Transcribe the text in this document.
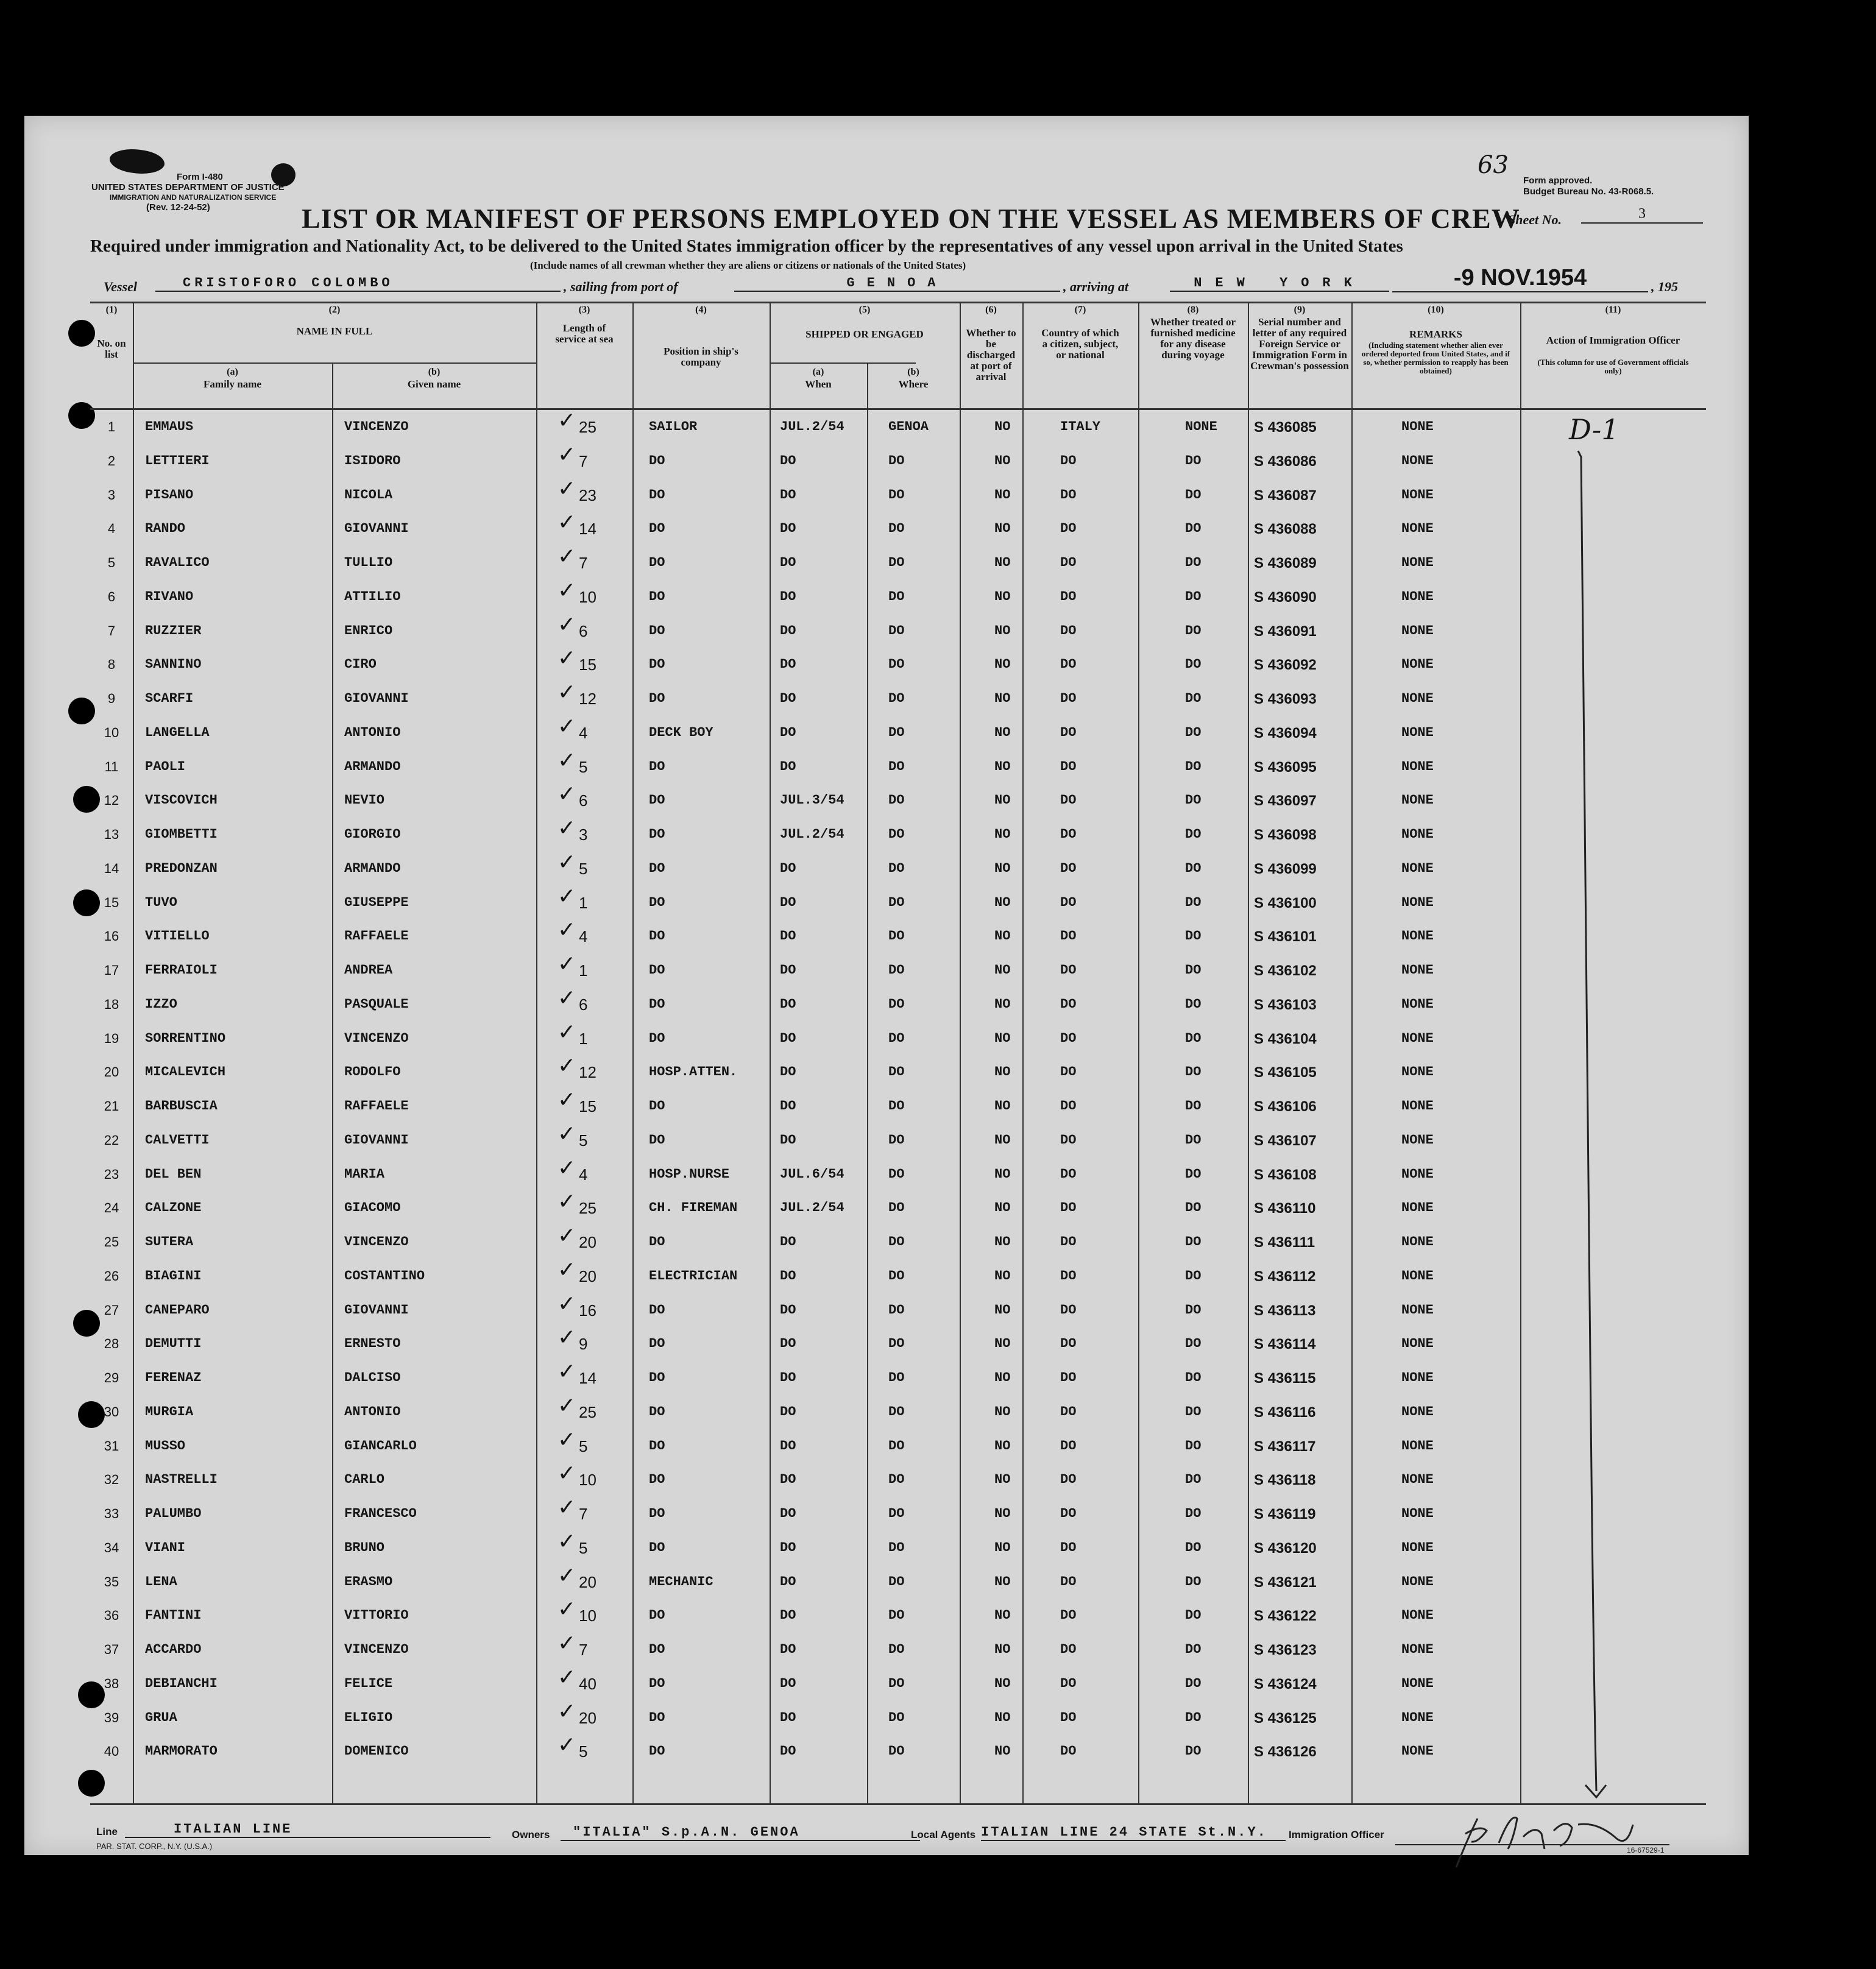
Form I-480
UNITED STATES DEPARTMENT OF JUSTICE
IMMIGRATION AND NATURALIZATION SERVICE
(Rev. 12-24-52)
63
Form approved.
Budget Bureau No. 43-R068.5.
LIST OR MANIFEST OF PERSONS EMPLOYED ON THE VESSEL AS MEMBERS OF CREW
Sheet No.	3
Required under immigration and Nationality Act, to be delivered to the United States immigration officer by the representatives of any vessel upon arrival in the United States
(Include names of all crewman whether they are aliens or citizens or nationals of the United States)
Vessel	CRISTOFORO COLOMBO	, sailing from port of	GENOA	, arriving at	NEW YORK	-9 NOV.1954	, 195
(1)
No. on list
(2)
NAME IN FULL
(a)
Family name
(b)
Given name
(3)
Length of service at sea
(4)
Position in ship's company
(5)
SHIPPED OR ENGAGED
(a)
When
(b)
Where
(6)
Whether to be discharged at port of arrival
(7)
Country of which a citizen, subject, or national
(8)
Whether treated or furnished medicine for any disease during voyage
(9)
Serial number and letter of any required Foreign Service or Immigration Form in Crewman's possession
(10)
REMARKS
(Including statement whether alien ever ordered deported from United States, and if so, whether permission to reapply has been obtained)
(11)
Action of Immigration Officer
(This column for use of Government officials only)
✓
1	EMMAUS	VINCENZO	25	SAILOR	JUL.2/54	GENOA	NO	ITALY	NONE	S 436085	NONE
✓
2	LETTIERI	ISIDORO	7	DO	DO	DO	NO	DO	DO	S 436086	NONE
✓
3	PISANO	NICOLA	23	DO	DO	DO	NO	DO	DO	S 436087	NONE
✓
4	RANDO	GIOVANNI	14	DO	DO	DO	NO	DO	DO	S 436088	NONE
✓
5	RAVALICO	TULLIO	7	DO	DO	DO	NO	DO	DO	S 436089	NONE
✓
6	RIVANO	ATTILIO	10	DO	DO	DO	NO	DO	DO	S 436090	NONE
✓
7	RUZZIER	ENRICO	6	DO	DO	DO	NO	DO	DO	S 436091	NONE
✓
8	SANNINO	CIRO	15	DO	DO	DO	NO	DO	DO	S 436092	NONE
✓
9	SCARFI	GIOVANNI	12	DO	DO	DO	NO	DO	DO	S 436093	NONE
✓
10	LANGELLA	ANTONIO	4	DECK BOY	DO	DO	NO	DO	DO	S 436094	NONE
✓
11	PAOLI	ARMANDO	5	DO	DO	DO	NO	DO	DO	S 436095	NONE
✓
12	VISCOVICH	NEVIO	6	DO	JUL.3/54	DO	NO	DO	DO	S 436097	NONE
✓
13	GIOMBETTI	GIORGIO	3	DO	JUL.2/54	DO	NO	DO	DO	S 436098	NONE
✓
14	PREDONZAN	ARMANDO	5	DO	DO	DO	NO	DO	DO	S 436099	NONE
✓
15	TUVO	GIUSEPPE	1	DO	DO	DO	NO	DO	DO	S 436100	NONE
✓
16	VITIELLO	RAFFAELE	4	DO	DO	DO	NO	DO	DO	S 436101	NONE
✓
17	FERRAIOLI	ANDREA	1	DO	DO	DO	NO	DO	DO	S 436102	NONE
✓
18	IZZO	PASQUALE	6	DO	DO	DO	NO	DO	DO	S 436103	NONE
✓
19	SORRENTINO	VINCENZO	1	DO	DO	DO	NO	DO	DO	S 436104	NONE
✓
20	MICALEVICH	RODOLFO	12	HOSP.ATTEN.	DO	DO	NO	DO	DO	S 436105	NONE
✓
21	BARBUSCIA	RAFFAELE	15	DO	DO	DO	NO	DO	DO	S 436106	NONE
✓
22	CALVETTI	GIOVANNI	5	DO	DO	DO	NO	DO	DO	S 436107	NONE
✓
23	DEL BEN	MARIA	4	HOSP.NURSE	JUL.6/54	DO	NO	DO	DO	S 436108	NONE
✓
24	CALZONE	GIACOMO	25	CH. FIREMAN	JUL.2/54	DO	NO	DO	DO	S 436110	NONE
✓
25	SUTERA	VINCENZO	20	DO	DO	DO	NO	DO	DO	S 436111	NONE
✓
26	BIAGINI	COSTANTINO	20	ELECTRICIAN	DO	DO	NO	DO	DO	S 436112	NONE
✓
27	CANEPARO	GIOVANNI	16	DO	DO	DO	NO	DO	DO	S 436113	NONE
✓
28	DEMUTTI	ERNESTO	9	DO	DO	DO	NO	DO	DO	S 436114	NONE
✓
29	FERENAZ	DALCISO	14	DO	DO	DO	NO	DO	DO	S 436115	NONE
✓
30	MURGIA	ANTONIO	25	DO	DO	DO	NO	DO	DO	S 436116	NONE
✓
31	MUSSO	GIANCARLO	5	DO	DO	DO	NO	DO	DO	S 436117	NONE
✓
32	NASTRELLI	CARLO	10	DO	DO	DO	NO	DO	DO	S 436118	NONE
✓
33	PALUMBO	FRANCESCO	7	DO	DO	DO	NO	DO	DO	S 436119	NONE
✓
34	VIANI	BRUNO	5	DO	DO	DO	NO	DO	DO	S 436120	NONE
✓
35	LENA	ERASMO	20	MECHANIC	DO	DO	NO	DO	DO	S 436121	NONE
✓
36	FANTINI	VITTORIO	10	DO	DO	DO	NO	DO	DO	S 436122	NONE
✓
37	ACCARDO	VINCENZO	7	DO	DO	DO	NO	DO	DO	S 436123	NONE
✓
38	DEBIANCHI	FELICE	40	DO	DO	DO	NO	DO	DO	S 436124	NONE
✓
39	GRUA	ELIGIO	20	DO	DO	DO	NO	DO	DO	S 436125	NONE
✓
40	MARMORATO	DOMENICO	5	DO	DO	DO	NO	DO	DO	S 436126	NONE
D-1
Line	ITALIAN LINE	Owners	"ITALIA" S.p.A.N. GENOA	Local Agents ITALIAN LINE 24 STATE St.N.Y.	Immigration Officer
PAR. STAT. CORP., N.Y. (U.S.A.)	16-67529-1
